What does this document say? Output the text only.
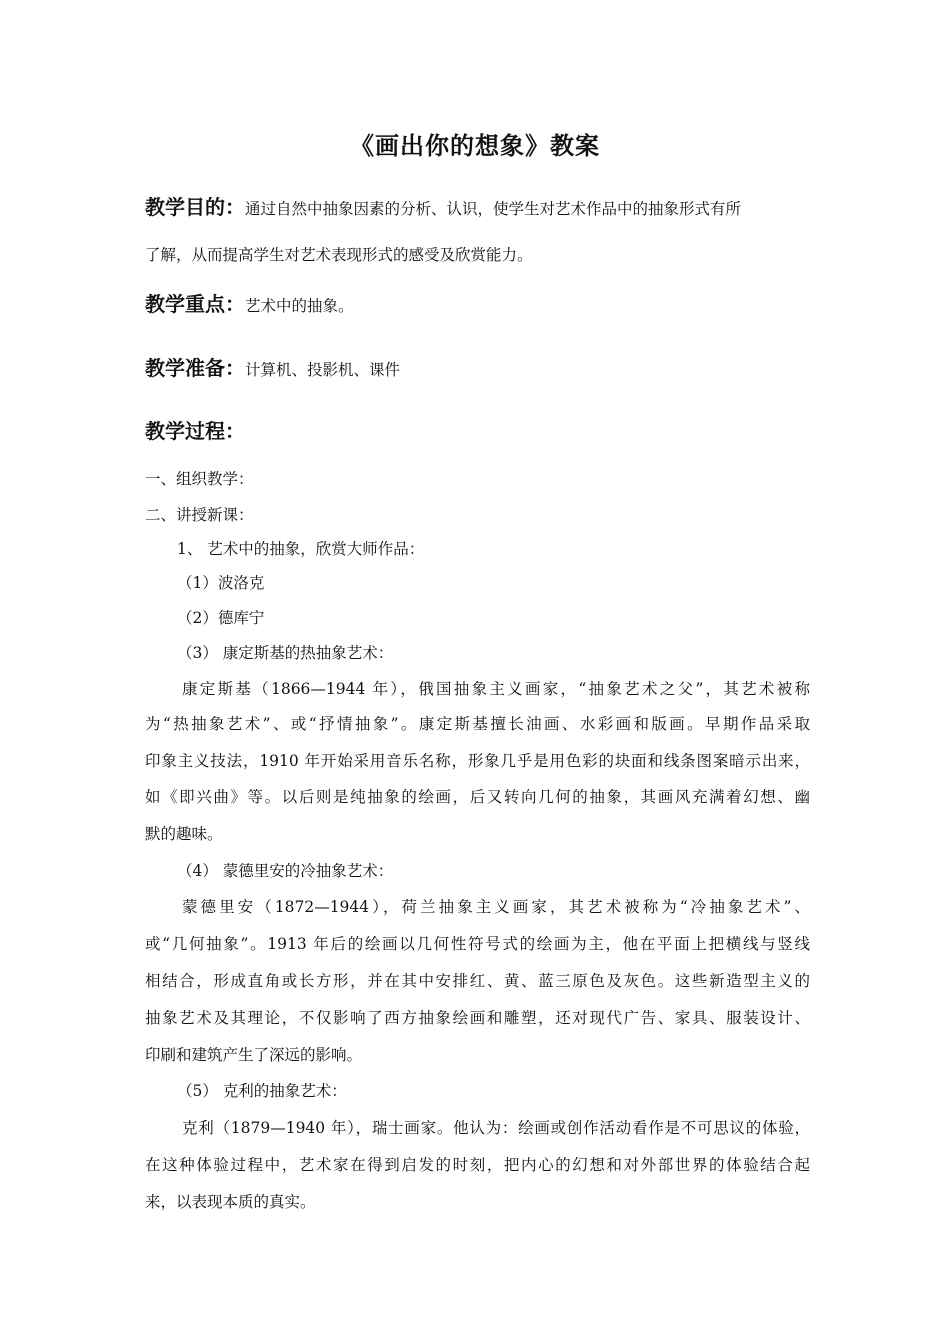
《画出你的想象》教案
教学目的：通过自然中抽象因素的分析、认识，使学生对艺术作品中的抽象形式有所
了解，从而提高学生对艺术表现形式的感受及欣赏能力。
教学重点：艺术中的抽象。
教学准备：计算机、投影机、课件
教学过程：
一、组织教学：
二、讲授新课：
1、 艺术中的抽象，欣赏大师作品：
（1）波洛克
（2）德库宁
（3） 康定斯基的热抽象艺术：
康定斯基（1866—1944 年），俄国抽象主义画家，“抽象艺术之父”，其艺术被称
为“热抽象艺术”、或“抒情抽象”。康定斯基擅长油画、水彩画和版画。早期作品采取
印象主义技法，1910 年开始采用音乐名称，形象几乎是用色彩的块面和线条图案暗示出来，
如《即兴曲》等。以后则是纯抽象的绘画，后又转向几何的抽象，其画风充满着幻想、幽
默的趣味。
（4） 蒙德里安的冷抽象艺术：
蒙德里安（1872—1944），荷兰抽象主义画家，其艺术被称为“冷抽象艺术”、
或“几何抽象”。1913 年后的绘画以几何性符号式的绘画为主，他在平面上把横线与竖线
相结合，形成直角或长方形，并在其中安排红、黄、蓝三原色及灰色。这些新造型主义的
抽象艺术及其理论，不仅影响了西方抽象绘画和雕塑，还对现代广告、家具、服装设计、
印刷和建筑产生了深远的影响。
（5） 克利的抽象艺术：
克利（1879—1940 年），瑞士画家。他认为：绘画或创作活动看作是不可思议的体验，
在这种体验过程中，艺术家在得到启发的时刻，把内心的幻想和对外部世界的体验结合起
来，以表现本质的真实。
